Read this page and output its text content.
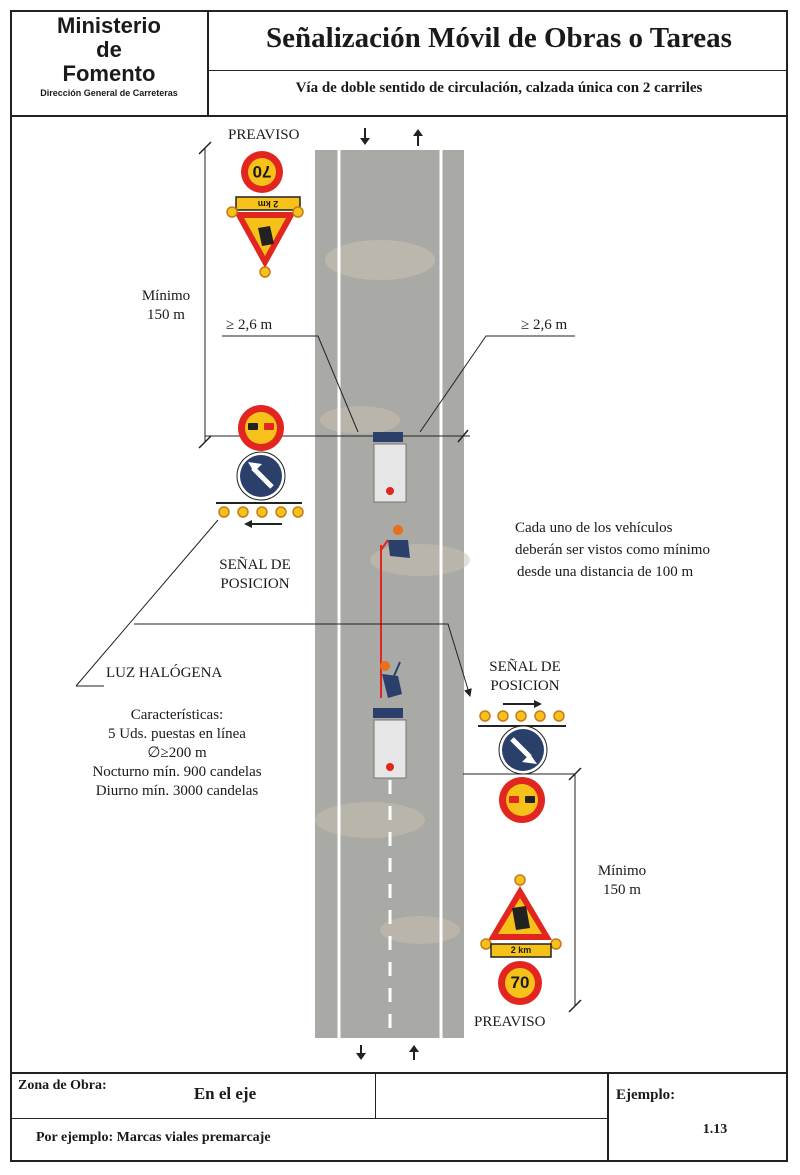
Ministerio
de
Fomento
Dirección General de Carreteras
Señalización Móvil de Obras o Tareas
Vía de doble sentido de circulación, calzada única con 2 carriles
70
2 km
2 km
70
PREAVISO
Mínimo
150 m
≥ 2,6 m	≥ 2,6 m
SEÑAL DE
POSICION
Cada uno de los vehículos
deberán ser vistos como mínimo
desde una distancia de 100 m
LUZ HALÓGENA	SEÑAL DE
POSICION
Características:
5 Uds. puestas en línea
∅≥200 m
Nocturno mín. 900 candelas
Diurno mín. 3000 candelas
Mínimo
150 m
PREAVISO
Zona de Obra:	En el eje	Ejemplo:
1.13
Por ejemplo: Marcas viales premarcaje
